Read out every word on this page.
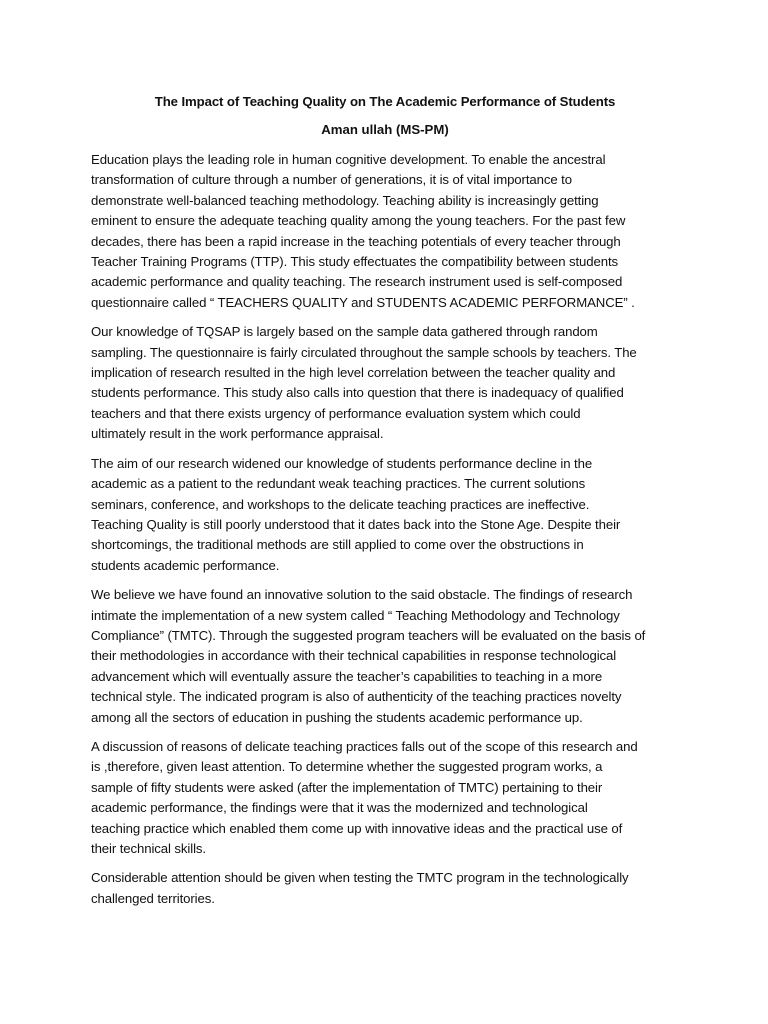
The Impact of Teaching Quality on The Academic Performance of Students
Aman ullah (MS-PM)
Education plays the leading role in human cognitive development. To enable the ancestral
transformation of culture through a number of generations, it is of vital importance to
demonstrate well-balanced teaching methodology. Teaching ability is increasingly getting
eminent to ensure the adequate teaching quality among the young teachers. For the past few
decades, there has been a rapid increase in the teaching potentials of every teacher through
Teacher Training Programs (TTP). This study effectuates the compatibility between students
academic performance and quality teaching. The research instrument used is self-composed
questionnaire called “ TEACHERS QUALITY and STUDENTS ACADEMIC PERFORMANCE” .
Our knowledge of TQSAP is largely based on the sample data gathered through random
sampling. The questionnaire is fairly circulated throughout the sample schools by teachers. The
implication of research resulted in the high level correlation between the teacher quality and
students performance. This study also calls into question that there is inadequacy of qualified
teachers and that there exists urgency of performance evaluation system which could
ultimately result in the work performance appraisal.
The aim of our research widened our knowledge of students performance decline in the
academic as a patient to the redundant weak teaching practices. The current solutions
seminars, conference, and workshops to the delicate teaching practices are ineffective.
Teaching Quality is still poorly understood that it dates back into the Stone Age. Despite their
shortcomings, the traditional methods are still applied to come over the obstructions in
students academic performance.
We believe we have found an innovative solution to the said obstacle. The findings of research
intimate the implementation of a new system called “ Teaching Methodology and Technology
Compliance” (TMTC). Through the suggested program teachers will be evaluated on the basis of
their methodologies in accordance with their technical capabilities in response technological
advancement which will eventually assure the teacher’s capabilities to teaching in a more
technical style. The indicated program is also of authenticity of the teaching practices novelty
among all the sectors of education in pushing the students academic performance up.
A discussion of reasons of delicate teaching practices falls out of the scope of this research and
is ,therefore, given least attention. To determine whether the suggested program works, a
sample of fifty students were asked (after the implementation of TMTC) pertaining to their
academic performance, the findings were that it was the modernized and technological
teaching practice which enabled them come up with innovative ideas and the practical use of
their technical skills.
Considerable attention should be given when testing the TMTC program in the technologically
challenged territories.
